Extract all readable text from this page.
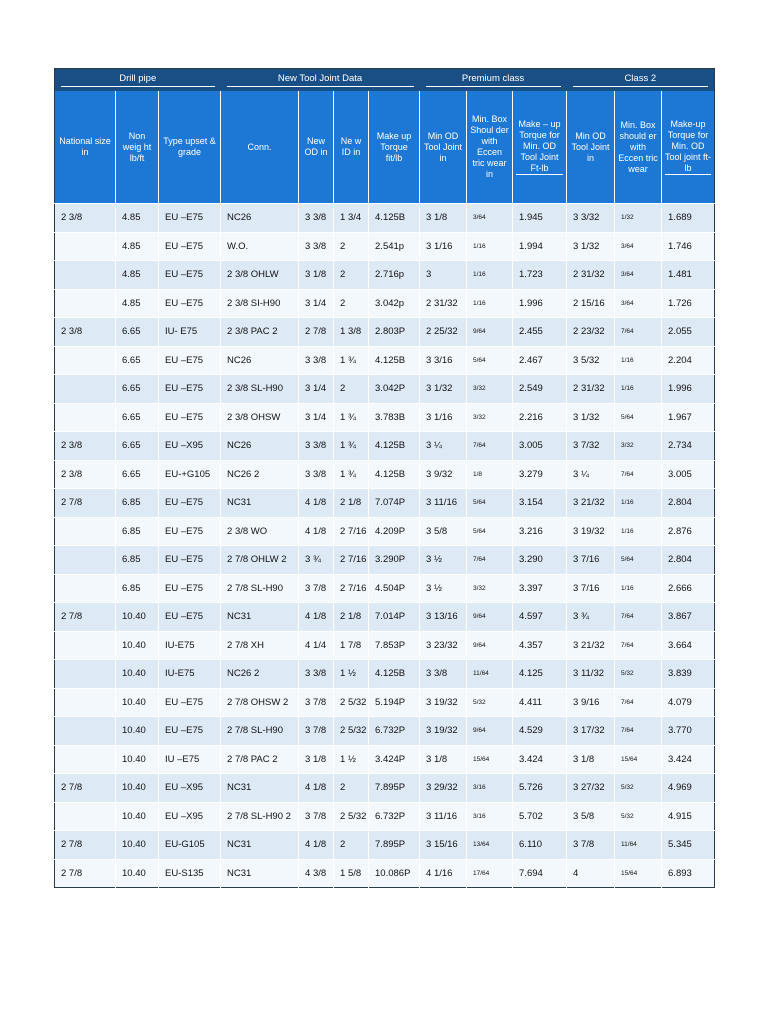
Drill pipe			New Tool Joint Data				Premium class			Class 2		

National size in	Non weig ht lb/ft	Type upset & grade	Conn.	New OD in	Ne w ID in	Make up Torque fit/lb	Min OD Tool Joint in	Min. Box Shoul der with Eccen tric wear in	Make – up Torque for Min. OD Tool Joint Ft-lb	Min OD Tool Joint in	Min. Box should er with Eccen tric wear	Make-up Torque for Min. OD Tool joint ft-lb
2 3/8	4.85	EU –E75	NC26	3 3/8	1 3/4	4.125B	3 1/8	3/64	1.945	3 3/32	1/32	1.689
	4.85	EU –E75	W.O.	3 3/8	2	2.541p	3 1/16	1/16	1.994	3 1/32	3/64	1.746
	4.85	EU –E75	2 3/8 OHLW	3 1/8	2	2.716p	3	1/16	1.723	2 31/32	3/64	1.481
	4.85	EU –E75	2 3/8 SI-H90	3 1/4	2	3.042p	2 31/32	1/16	1.996	2 15/16	3/64	1.726
2 3/8	6.65	IU- E75	2 3/8 PAC 2	2 7/8	1 3/8	2.803P	2 25/32	9/64	2.455	2 23/32	7/64	2.055
	6.65	EU –E75	NC26	3 3/8	1 ¾	4.125B	3 3/16	5/64	2.467	3 5/32	1/16	2.204
	6.65	EU –E75	2 3/8 SL-H90	3 1/4	2	3.042P	3 1/32	3/32	2.549	2 31/32	1/16	1.996
	6.65	EU –E75	2 3/8 OHSW	3 1/4	1 ¾	3.783B	3 1/16	3/32	2.216	3 1/32	5/64	1.967
2 3/8	6.65	EU –X95	NC26	3 3/8	1 ¾	4.125B	3 ¼	7/64	3.005	3 7/32	3/32	2.734
2 3/8	6.65	EU-+G105	NC26 2	3 3/8	1 ¾	4.125B	3 9/32	1/8	3.279	3 ¼	7/64	3.005
2 7/8	6.85	EU –E75	NC31	4 1/8	2 1/8	7.074P	3 11/16	5/64	3.154	3 21/32	1/16	2.804
	6.85	EU –E75	2 3/8 WO	4 1/8	2 7/16	4.209P	3 5/8	5/64	3.216	3 19/32	1/16	2.876
	6.85	EU –E75	2 7/8 OHLW 2	3 ¾	2 7/16	3.290P	3 ½	7/64	3.290	3 7/16	5/64	2.804
	6.85	EU –E75	2 7/8 SL-H90	3 7/8	2 7/16	4.504P	3 ½	3/32	3.397	3 7/16	1/16	2.666
2 7/8	10.40	EU –E75	NC31	4 1/8	2 1/8	7.014P	3 13/16	9/64	4.597	3 ¾	7/64	3.867
	10.40	IU-E75	2 7/8 XH	4 1/4	1 7/8	7.853P	3 23/32	9/64	4.357	3 21/32	7/64	3.664
	10.40	IU-E75	NC26 2	3 3/8	1 ½	4.125B	3 3/8	11/64	4.125	3 11/32	5/32	3.839
	10.40	EU –E75	2 7/8 OHSW 2	3 7/8	2 5/32	5.194P	3 19/32	5/32	4.411	3 9/16	7/64	4.079
	10.40	EU –E75	2 7/8 SL-H90	3 7/8	2 5/32	6.732P	3 19/32	9/64	4.529	3 17/32	7/64	3.770
	10.40	IU –E75	2 7/8 PAC 2	3 1/8	1 ½	3.424P	3 1/8	15/64	3.424	3 1/8	15/64	3.424
2 7/8	10.40	EU –X95	NC31	4 1/8	2	7.895P	3 29/32	3/16	5.726	3 27/32	5/32	4.969
	10.40	EU –X95	2 7/8 SL-H90 2	3 7/8	2 5/32	6.732P	3 11/16	3/16	5.702	3 5/8	5/32	4.915
2 7/8	10.40	EU-G105	NC31	4 1/8	2	7.895P	3 15/16	13/64	6.110	3 7/8	11/64	5.345
2 7/8	10.40	EU-S135	NC31	4 3/8	1 5/8	10.086P	4 1/16	17/64	7.694	4	15/64	6.893
